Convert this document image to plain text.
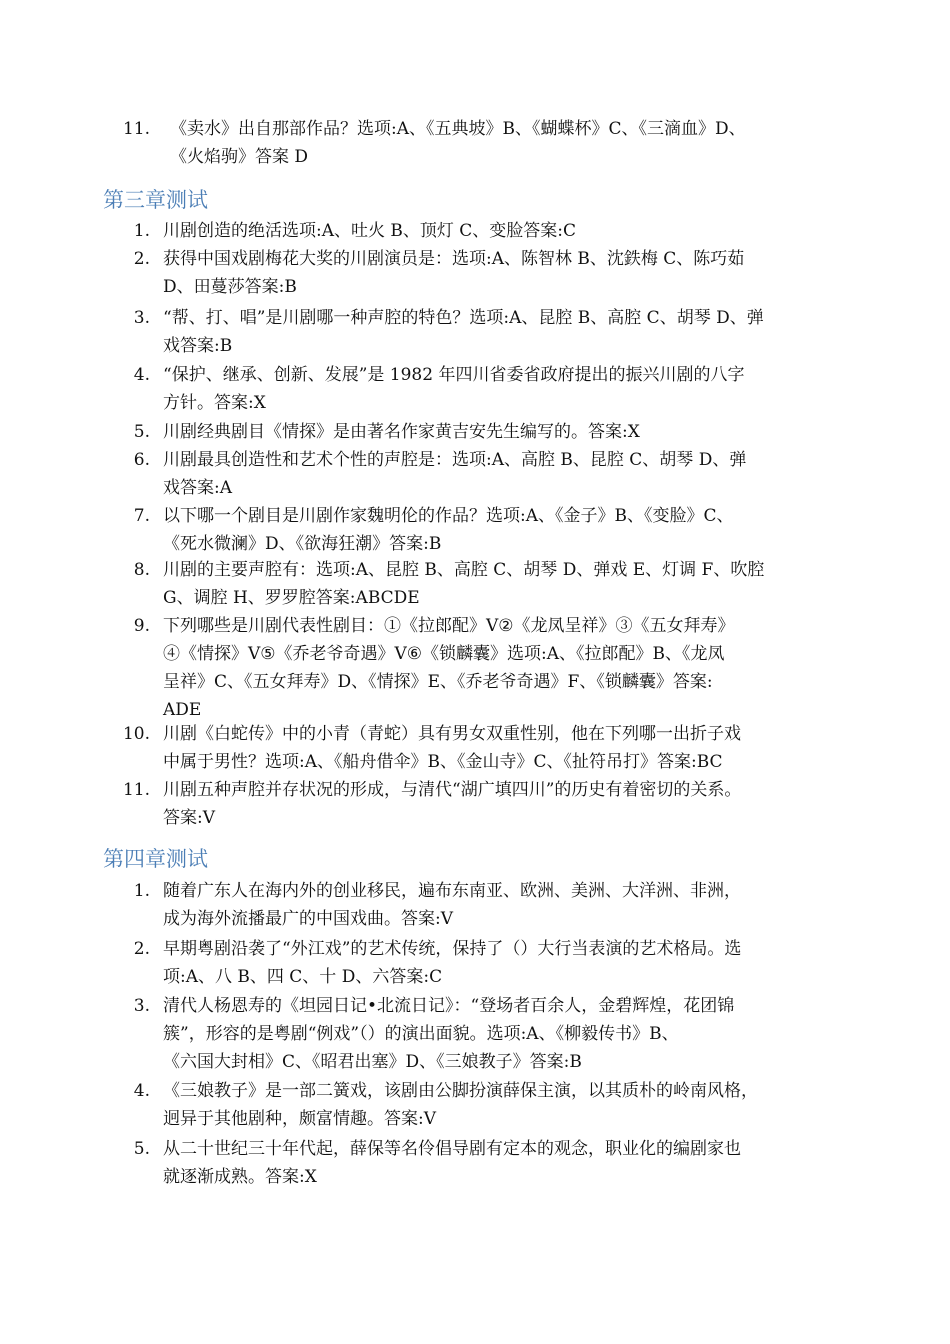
11. 《卖水》出自那部作品？选项:A、《五典坡》B、《蝴蝶杯》C、《三滴血》D、
《火焰驹》答案 D
第三章测试
1. 川剧创造的绝活选项:A、吐火 B、顶灯 C、变脸答案:C
2. 获得中国戏剧梅花大奖的川剧演员是：选项:A、陈智林 B、沈鉄梅 C、陈巧茹
D、田蔓莎答案:B
3. “帮、打、唱”是川剧哪一种声腔的特色？选项:A、昆腔 B、高腔 C、胡琴 D、弹
戏答案:B
4. “保护、继承、创新、发展”是 1982 年四川省委省政府提出的振兴川剧的八字
方针。答案:X
5. 川剧经典剧目《情探》是由著名作家黄吉安先生编写的。答案:X
6. 川剧最具创造性和艺术个性的声腔是：选项:A、高腔 B、昆腔 C、胡琴 D、弹
戏答案:A
7. 以下哪一个剧目是川剧作家魏明伦的作品？选项:A、《金子》B、《变脸》C、
《死水微澜》D、《欲海狂潮》答案:B
8. 川剧的主要声腔有：选项:A、昆腔 B、高腔 C、胡琴 D、弹戏 E、灯调 F、吹腔
G、调腔 H、罗罗腔答案:ABCDE
9. 下列哪些是川剧代表性剧目：①《拉郎配》V②《龙凤呈祥》③《五女拜寿》
④《情探》V⑤《乔老爷奇遇》V⑥《锁麟囊》选项:A、《拉郎配》B、《龙凤
呈祥》C、《五女拜寿》D、《情探》E、《乔老爷奇遇》F、《锁麟囊》答案:
ADE
10. 川剧《白蛇传》中的小青（青蛇）具有男女双重性别，他在下列哪一出折子戏
中属于男性？选项:A、《船舟借伞》B、《金山寺》C、《扯符吊打》答案:BC
11. 川剧五种声腔并存状况的形成，与清代“湖广填四川”的历史有着密切的关系。
答案:V
第四章测试
1. 随着广东人在海内外的创业移民，遍布东南亚、欧洲、美洲、大洋洲、非洲，
成为海外流播最广的中国戏曲。答案:V
2. 早期粤剧沿袭了“外江戏”的艺术传统，保持了（）大行当表演的艺术格局。选
项:A、八 B、四 C、十 D、六答案:C
3. 清代人杨恩寿的《坦园日记•北流日记》：“登场者百余人，金碧辉煌，花团锦
簇”，形容的是粤剧“例戏”（）的演出面貌。选项:A、《柳毅传书》B、
《六国大封相》C、《昭君出塞》D、《三娘教子》答案:B
4. 《三娘教子》是一部二簧戏，该剧由公脚扮演薛保主演，以其质朴的岭南风格，
迥异于其他剧种，颇富情趣。答案:V
5. 从二十世纪三十年代起，薛保等名伶倡导剧有定本的观念，职业化的编剧家也
就逐渐成熟。答案:X
